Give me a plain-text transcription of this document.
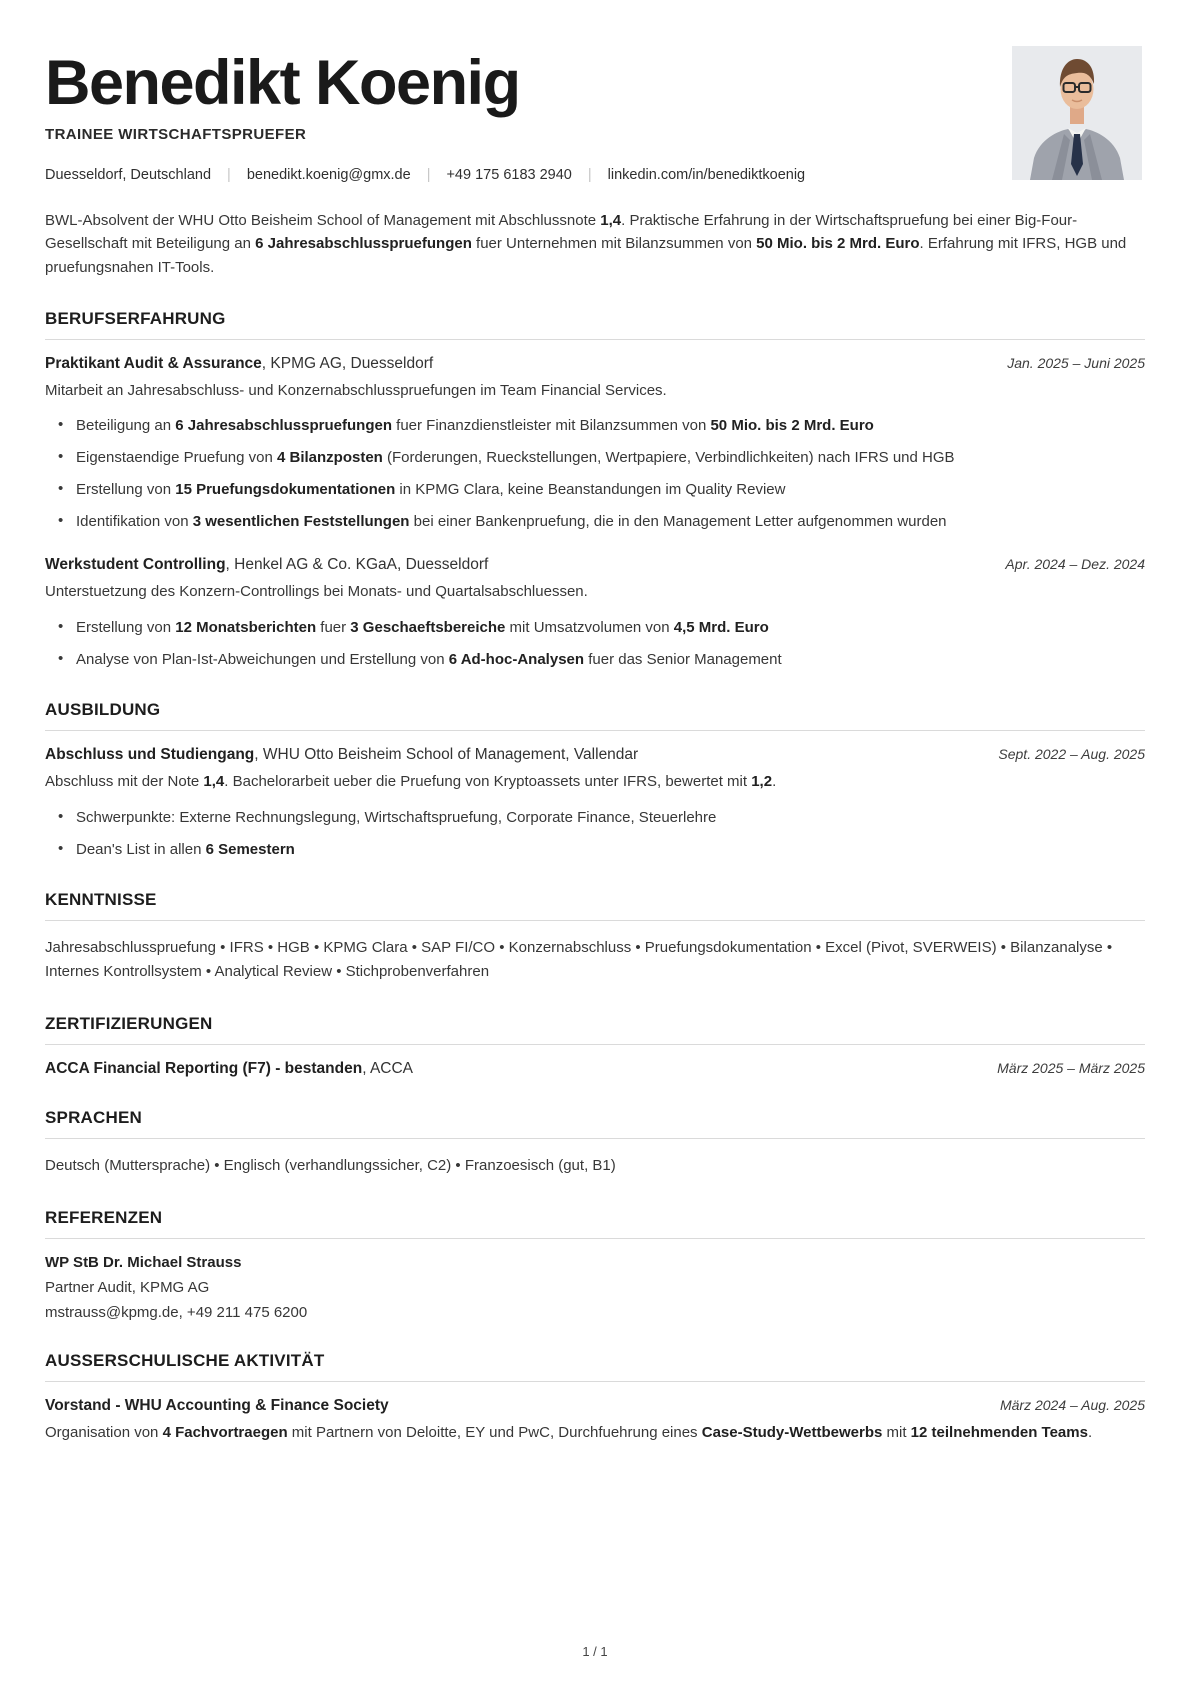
Benedikt Koenig
TRAINEE WIRTSCHAFTSPRUEFER
Duesseldorf, Deutschland |	benedikt.koenig@gmx.de |	+49 175 6183 2940 |	linkedin.com/in/benediktkoenig

BWL-Absolvent der WHU Otto Beisheim School of Management mit Abschlussnote 1,4. Praktische Erfahrung in der Wirtschaftspruefung bei einer Big-Four-Gesellschaft mit Beteiligung an 6 Jahresabschlusspruefungen fuer Unternehmen mit Bilanzsummen von 50 Mio. bis 2 Mrd. Euro. Erfahrung mit IFRS, HGB und pruefungsnahen IT-Tools.

BERUFSERFAHRUNG
Praktikant Audit & Assurance, KPMG AG, Duesseldorf	Jan. 2025 – Juni 2025

Mitarbeit an Jahresabschluss- und Konzernabschlusspruefungen im Team Financial Services.

• Beteiligung an 6 Jahresabschlusspruefungen fuer Finanzdienstleister mit Bilanzsummen von 50 Mio. bis 2 Mrd. Euro
• Eigenstaendige Pruefung von 4 Bilanzposten (Forderungen, Rueckstellungen, Wertpapiere, Verbindlichkeiten) nach IFRS und HGB
• Erstellung von 15 Pruefungsdokumentationen in KPMG Clara, keine Beanstandungen im Quality Review
• Identifikation von 3 wesentlichen Feststellungen bei einer Bankenpruefung, die in den Management Letter aufgenommen wurden
Werkstudent Controlling, Henkel AG & Co. KGaA, Duesseldorf	Apr. 2024 – Dez. 2024

Unterstuetzung des Konzern-Controllings bei Monats- und Quartalsabschluessen.

• Erstellung von 12 Monatsberichten fuer 3 Geschaeftsbereiche mit Umsatzvolumen von 4,5 Mrd. Euro
• Analyse von Plan-Ist-Abweichungen und Erstellung von 6 Ad-hoc-Analysen fuer das Senior Management
AUSBILDUNG
Abschluss und Studiengang, WHU Otto Beisheim School of Management, Vallendar	Sept. 2022 – Aug. 2025

Abschluss mit der Note 1,4. Bachelorarbeit ueber die Pruefung von Kryptoassets unter IFRS, bewertet mit 1,2.

• Schwerpunkte: Externe Rechnungslegung, Wirtschaftspruefung, Corporate Finance, Steuerlehre
• Dean's List in allen 6 Semestern
KENNTNISSE

Jahresabschlusspruefung • IFRS • HGB • KPMG Clara • SAP FI/CO • Konzernabschluss • Pruefungsdokumentation • Excel (Pivot, SVERWEIS) • Bilanzanalyse • Internes Kontrollsystem • Analytical Review • Stichprobenverfahren

ZERTIFIZIERUNGEN
ACCA Financial Reporting (F7) - bestanden, ACCA	März 2025 – März 2025
SPRACHEN

Deutsch (Muttersprache) • Englisch (verhandlungssicher, C2) • Franzoesisch (gut, B1)

REFERENZEN
WP StB Dr. Michael Strauss
Partner Audit, KPMG AG
mstrauss@kpmg.de, +49 211 475 6200
AUSSERSCHULISCHE AKTIVITÄT
Vorstand - WHU Accounting & Finance Society	März 2024 – Aug. 2025

Organisation von 4 Fachvortraegen mit Partnern von Deloitte, EY und PwC, Durchfuehrung eines Case-Study-Wettbewerbs mit 12 teilnehmenden Teams.

1 / 1
